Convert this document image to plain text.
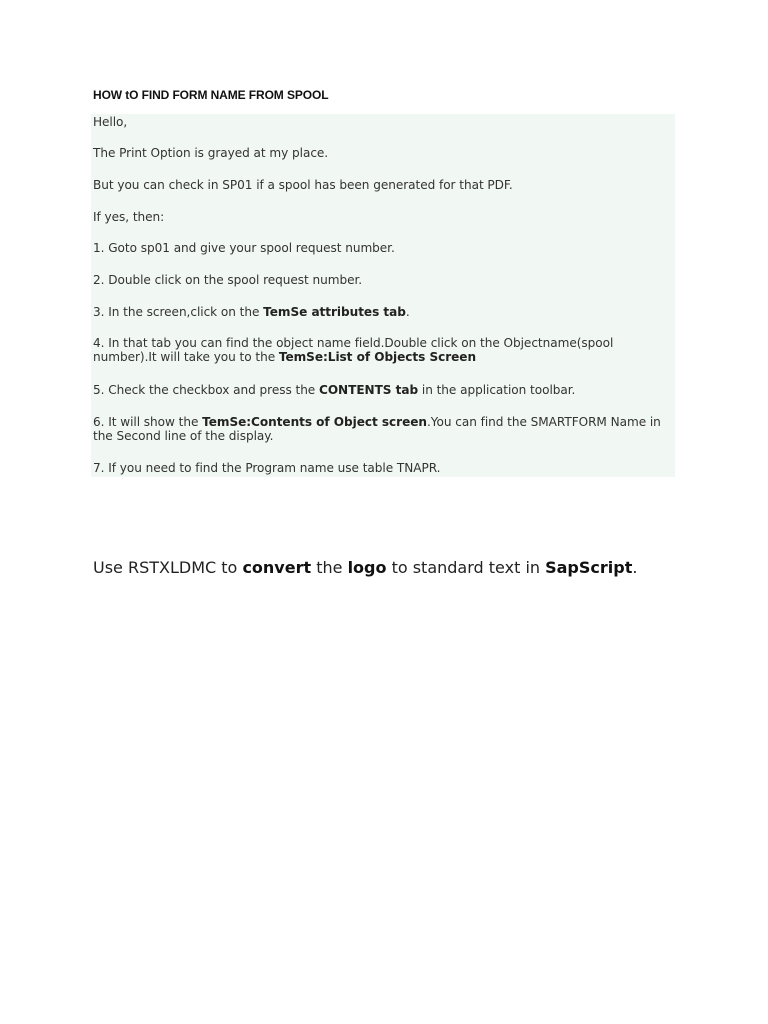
HOW tO FIND FORM NAME FROM SPOOL

Hello,

The Print Option is grayed at my place.

But you can check in SP01 if a spool has been generated for that PDF.

If yes, then:

1. Goto sp01 and give your spool request number.

2. Double click on the spool request number.

3. In the screen,click on the TemSe attributes tab.

4. In that tab you can find the object name field.Double click on the Objectname(spool number).It will take you to the TemSe:List of Objects Screen

5. Check the checkbox and press the CONTENTS tab in the application toolbar.

6. It will show the TemSe:Contents of Object screen.You can find the SMARTFORM Name in the Second line of the display.

7. If you need to find the Program name use table TNAPR.

Use RSTXLDMC to convert the logo to standard text in SapScript.
